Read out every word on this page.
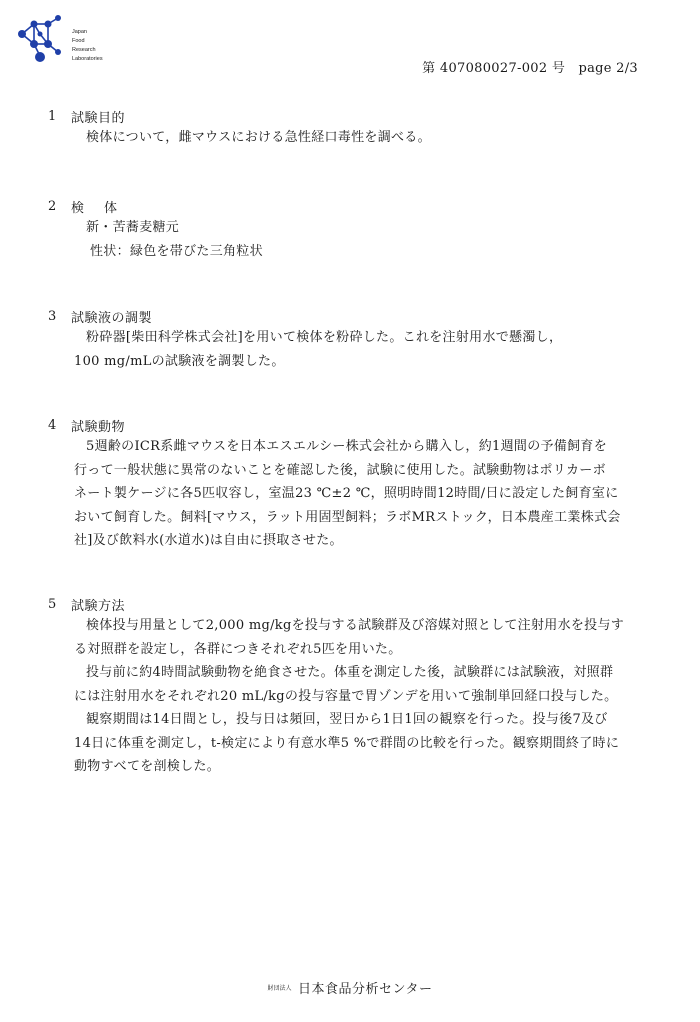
Japan
Food
Research
Laboratories
第 407080027-002 号　page 2/3
1	試験目的

検体について，雌マウスにおける急性経口毒性を調べる。

2	検体

新・苦蕎麦糖元

性状：緑色を帯びた三角粒状

3	試験液の調製

粉砕器[柴田科学株式会社]を用いて検体を粉砕した。これを注射用水で懸濁し，

100 mg/mLの試験液を調製した。

4	試験動物

5週齢のICR系雌マウスを日本エスエルシー株式会社から購入し，約1週間の予備飼育を

行って一般状態に異常のないことを確認した後，試験に使用した。試験動物はポリカーボ

ネート製ケージに各5匹収容し，室温23 ℃±2 ℃，照明時間12時間/日に設定した飼育室に

おいて飼育した。飼料[マウス，ラット用固型飼料；ラボMRストック，日本農産工業株式会

社]及び飲料水(水道水)は自由に摂取させた。

5	試験方法

検体投与用量として2,000 mg/kgを投与する試験群及び溶媒対照として注射用水を投与す

る対照群を設定し，各群につきそれぞれ5匹を用いた。

投与前に約4時間試験動物を絶食させた。体重を測定した後，試験群には試験液，対照群

には注射用水をそれぞれ20 mL/kgの投与容量で胃ゾンデを用いて強制単回経口投与した。

観察期間は14日間とし，投与日は頻回，翌日から1日1回の観察を行った。投与後7及び

14日に体重を測定し，t-検定により有意水準5 %で群間の比較を行った。観察期間終了時に

動物すべてを剖検した。

財団法人 日本食品分析センター
